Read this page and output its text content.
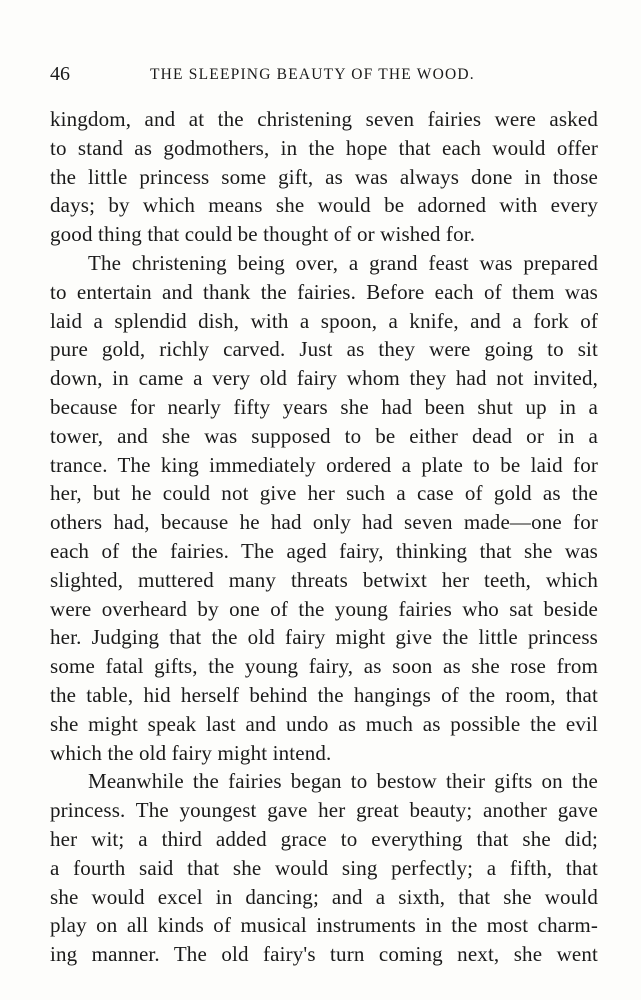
46	THE SLEEPING BEAUTY OF THE WOOD.
kingdom, and at the christening seven fairies were asked
to stand as godmothers, in the hope that each would offer
the little princess some gift, as was always done in those
days; by which means she would be adorned with every
good thing that could be thought of or wished for.
The christening being over, a grand feast was prepared
to entertain and thank the fairies. Before each of them was
laid a splendid dish, with a spoon, a knife, and a fork of
pure gold, richly carved. Just as they were going to sit
down, in came a very old fairy whom they had not invited,
because for nearly fifty years she had been shut up in a
tower, and she was supposed to be either dead or in a
trance. The king immediately ordered a plate to be laid for
her, but he could not give her such a case of gold as the
others had, because he had only had seven made—one for
each of the fairies. The aged fairy, thinking that she was
slighted, muttered many threats betwixt her teeth, which
were overheard by one of the young fairies who sat beside
her. Judging that the old fairy might give the little princess
some fatal gifts, the young fairy, as soon as she rose from
the table, hid herself behind the hangings of the room, that
she might speak last and undo as much as possible the evil
which the old fairy might intend.
Meanwhile the fairies began to bestow their gifts on the
princess. The youngest gave her great beauty; another gave
her wit; a third added grace to everything that she did;
a fourth said that she would sing perfectly; a fifth, that
she would excel in dancing; and a sixth, that she would
play on all kinds of musical instruments in the most charm-
ing manner. The old fairy's turn coming next, she went
